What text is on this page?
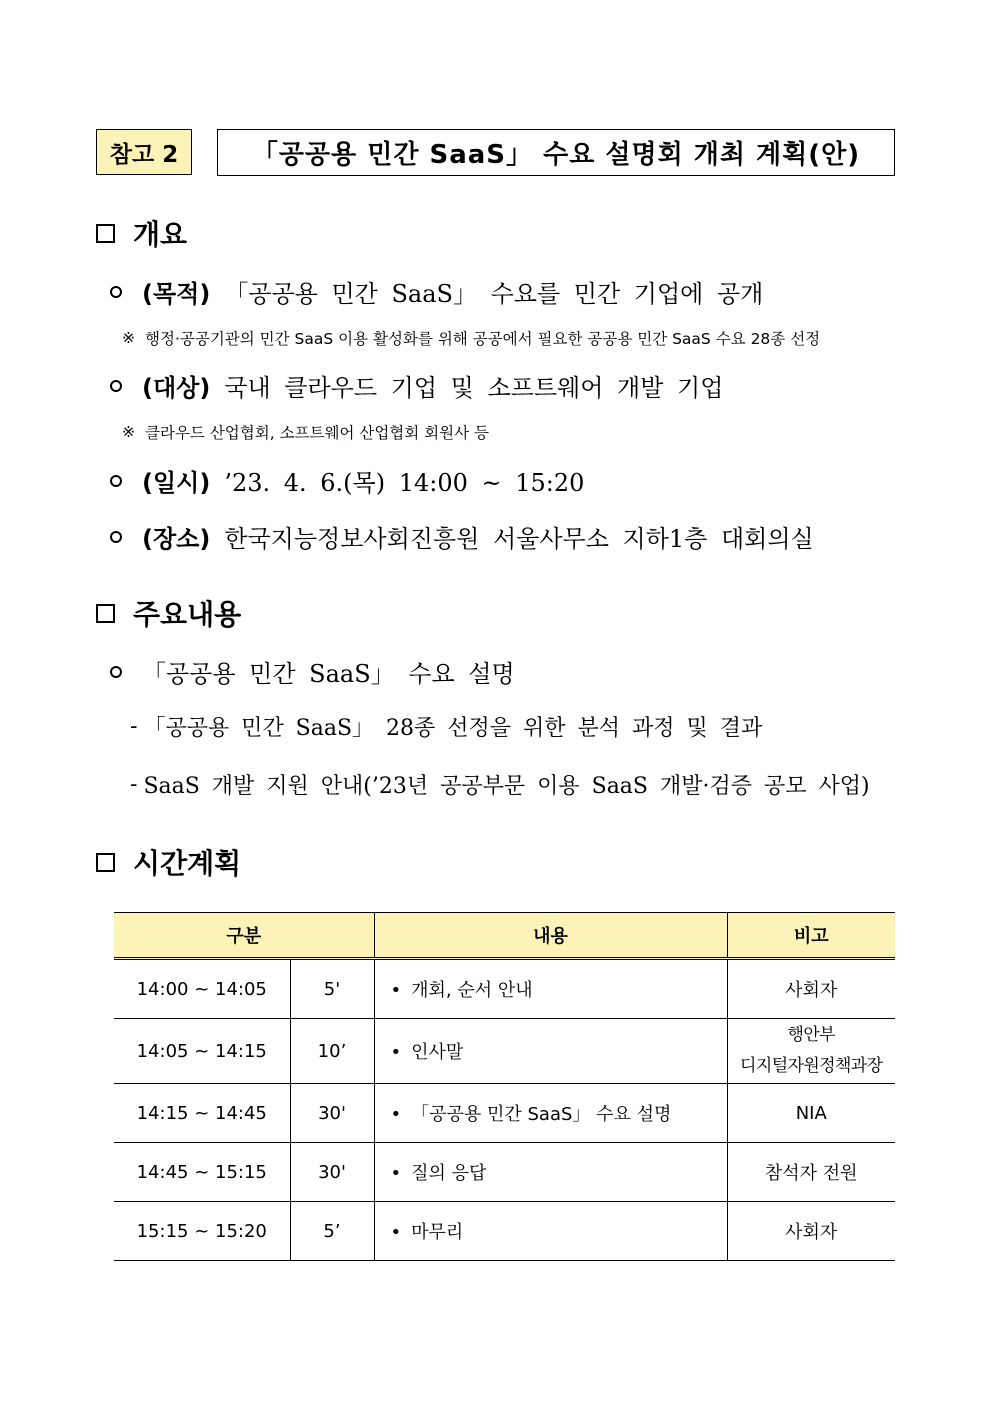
참고 2	「공공용 민간 SaaS」 수요 설명회 개최 계획(안)
개요
(목적) 「공공용 민간 SaaS」 수요를 민간 기업에 공개
※ 행정·공공기관의 민간 SaaS 이용 활성화를 위해 공공에서 필요한 공공용 민간 SaaS 수요 28종 선정
(대상) 국내 클라우드 기업 및 소프트웨어 개발 기업
※ 클라우드 산업협회, 소프트웨어 산업협회 회원사 등
(일시) ’23. 4. 6.(목) 14:00 ~ 15:20
(장소) 한국지능정보사회진흥원 서울사무소 지하1층 대회의실
주요내용
「공공용 민간 SaaS」 수요 설명
- 「공공용 민간 SaaS」 28종 선정을 위한 분석 과정 및 결과
- SaaS 개발 지원 안내(’23년 공공부문 이용 SaaS 개발·검증 공모 사업)
시간계획
구분		내용	비고
14:00 ~ 14:05	5'	• 개회, 순서 안내	사회자
14:05 ~ 14:15	10’	• 인사말	행안부
디지털자원정책과장

14:15 ~ 14:45	30'	• 「공공용 민간 SaaS」 수요 설명	NIA
14:45 ~ 15:15	30'	• 질의 응답	참석자 전원
15:15 ~ 15:20	5’	• 마무리	사회자
